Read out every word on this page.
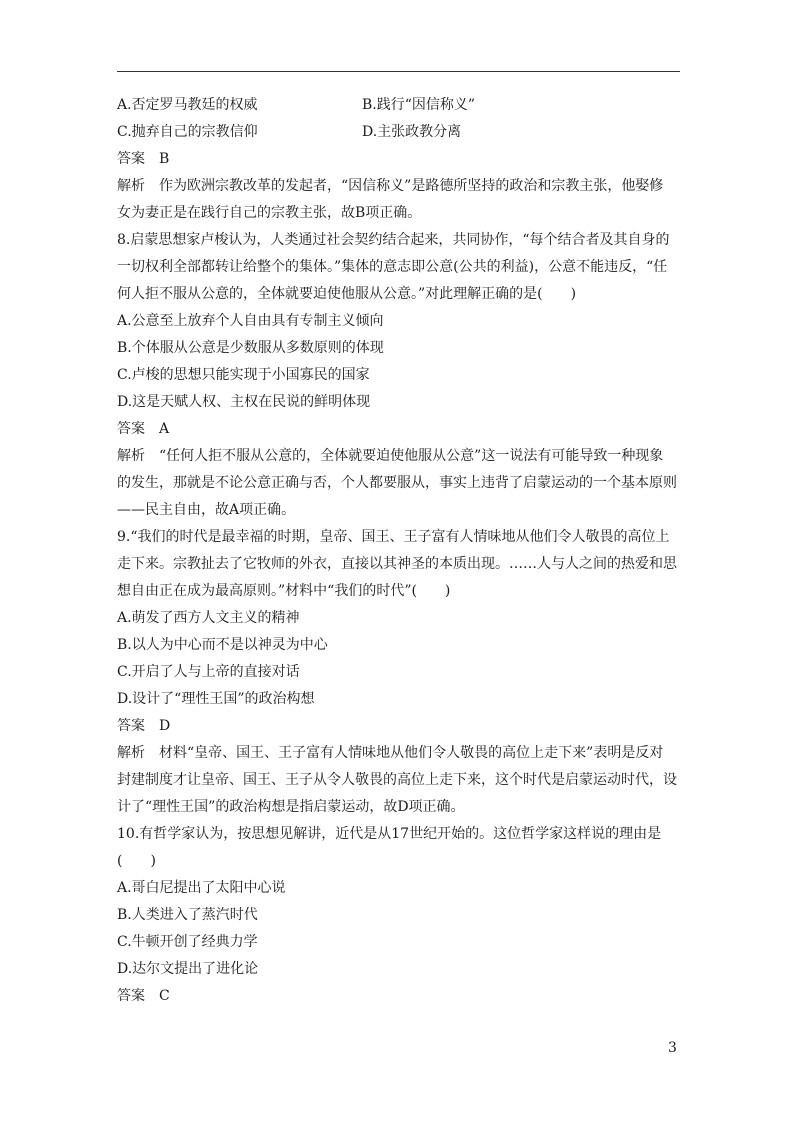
A.否定罗马教廷的权威	B.践行“因信称义”
C.抛弃自己的宗教信仰	D.主张政教分离
答案 B
解析 作为欧洲宗教改革的发起者，“因信称义”是路德所坚持的政治和宗教主张，他娶修
女为妻正是在践行自己的宗教主张，故B项正确。
8.启蒙思想家卢梭认为，人类通过社会契约结合起来，共同协作，“每个结合者及其自身的
一切权利全部都转让给整个的集体。”集体的意志即公意(公共的利益)，公意不能违反，“任
何人拒不服从公意的，全体就要迫使他服从公意。”对此理解正确的是(　　)
A.公意至上放弃个人自由具有专制主义倾向
B.个体服从公意是少数服从多数原则的体现
C.卢梭的思想只能实现于小国寡民的国家
D.这是天赋人权、主权在民说的鲜明体现
答案 A
解析 “任何人拒不服从公意的，全体就要迫使他服从公意”这一说法有可能导致一种现象
的发生，那就是不论公意正确与否，个人都要服从，事实上违背了启蒙运动的一个基本原则
——民主自由，故A项正确。
9.“我们的时代是最幸福的时期，皇帝、国王、王子富有人情味地从他们令人敬畏的高位上
走下来。宗教扯去了它牧师的外衣，直接以其神圣的本质出现。……人与人之间的热爱和思
想自由正在成为最高原则。”材料中“我们的时代”(　　)
A.萌发了西方人文主义的精神
B.以人为中心而不是以神灵为中心
C.开启了人与上帝的直接对话
D.设计了“理性王国”的政治构想
答案 D
解析 材料“皇帝、国王、王子富有人情味地从他们令人敬畏的高位上走下来”表明是反对
封建制度才让皇帝、国王、王子从令人敬畏的高位上走下来，这个时代是启蒙运动时代，设
计了“理性王国”的政治构想是指启蒙运动，故D项正确。
10.有哲学家认为，按思想见解讲，近代是从17世纪开始的。这位哲学家这样说的理由是
(　　)
A.哥白尼提出了太阳中心说
B.人类进入了蒸汽时代
C.牛顿开创了经典力学
D.达尔文提出了进化论
答案 C
3
